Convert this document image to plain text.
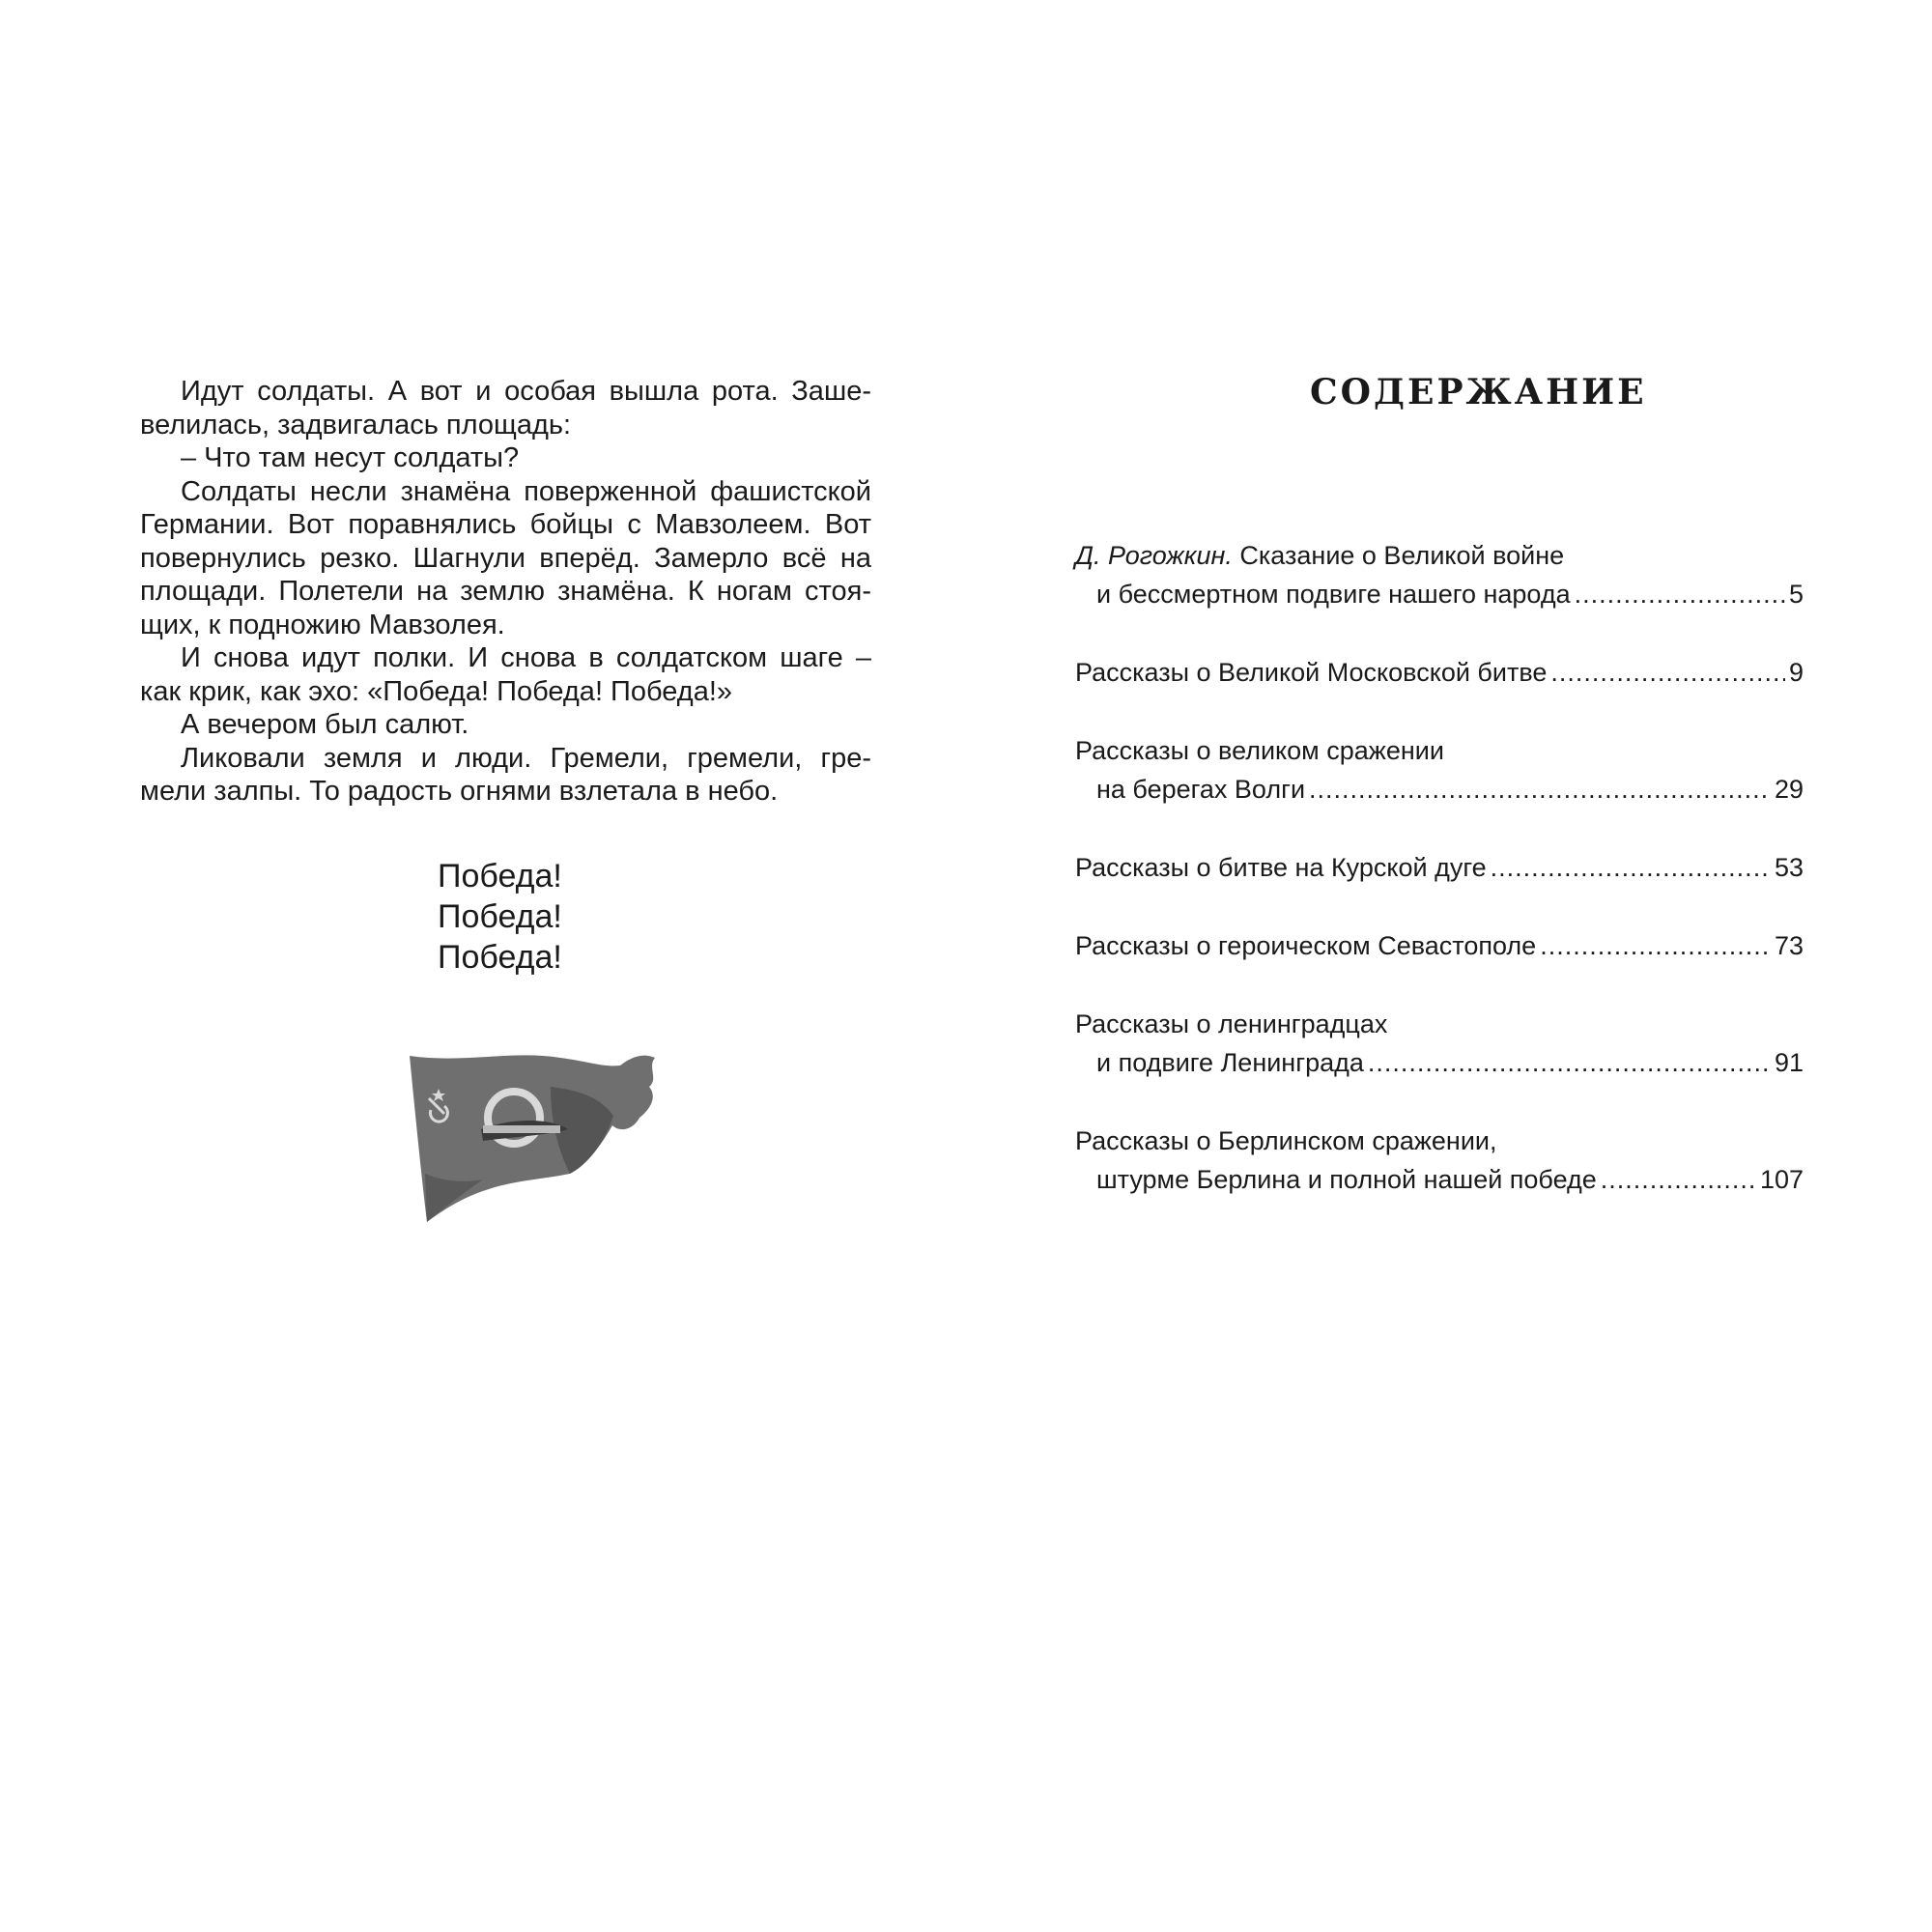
Идут солдаты. А вот и особая вышла рота. Заше-
велилась, задвигалась площадь:
– Что там несут солдаты?
Солдаты несли знамёна поверженной фашистской
Германии. Вот поравнялись бойцы с Мавзолеем. Вот
повернулись резко. Шагнули вперёд. Замерло всё на
площади. Полетели на землю знамёна. К ногам стоя-
щих, к подножию Мавзолея.
И снова идут полки. И снова в солдатском шаге –
как крик, как эхо: «Победа! Победа! Победа!»
А вечером был салют.
Ликовали земля и люди. Гремели, гремели, гре-
мели залпы. То радость огнями взлетала в небо.
Победа!
Победа!
Победа!
СОДЕРЖАНИЕ
Д. Рогожкин.
Сказание о Великой войне
и бессмертном подвиге нашего народа .....	5
Рассказы о Великой Московской битве .....	9
Рассказы о великом сражении
на берегах Волги .....	29
Рассказы о битве на Курской дуге .....	53
Рассказы о героическом Севастополе .....	73
Рассказы о ленинградцах
и подвиге Ленинграда .....	91
Рассказы о Берлинском сражении,
штурме Берлина и полной нашей победе .....	107
